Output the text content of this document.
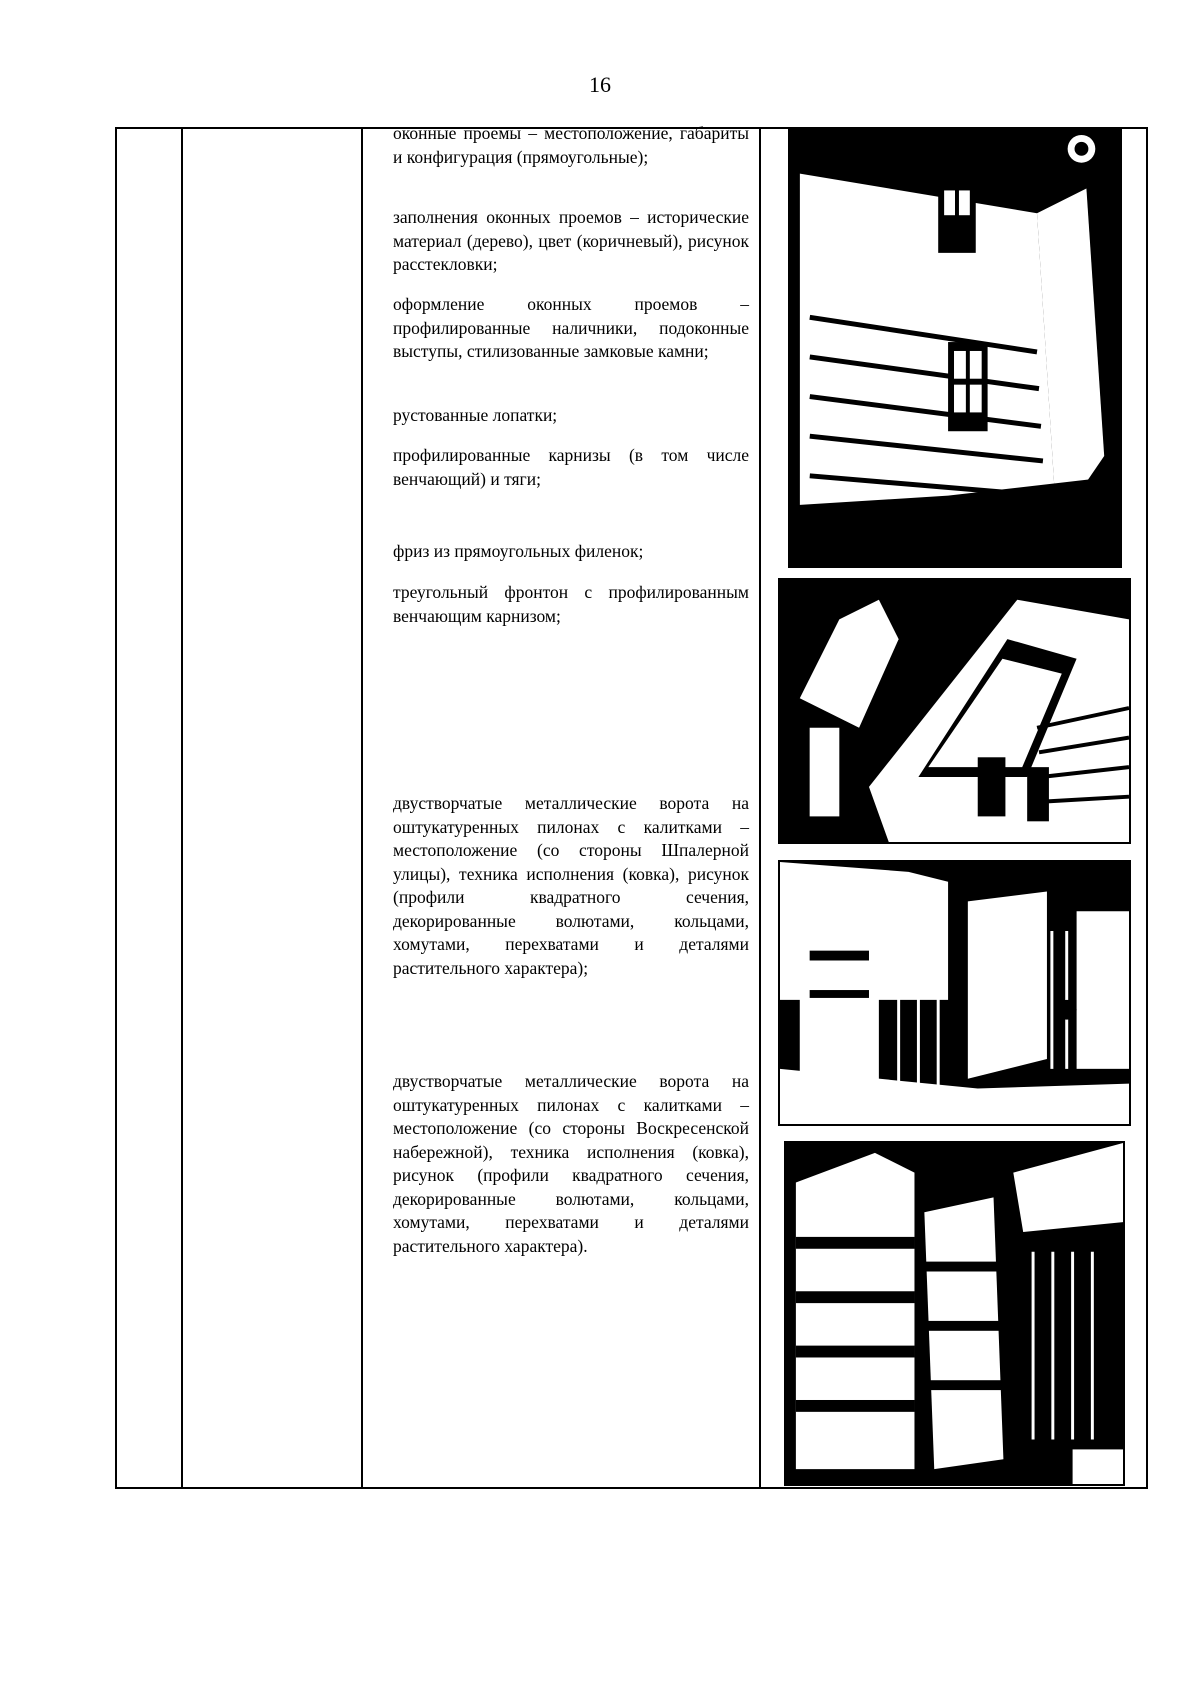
16
оконные проемы – местоположение, габариты и конфигурация (прямоугольные);
заполнения оконных проемов – исторические материал (дерево), цвет (коричневый), рисунок расстекловки;
оформление оконных проемов – профилированные наличники, подоконные выступы, стилизованные замковые камни;
рустованные лопатки;
профилированные карнизы (в том числе венчающий) и тяги;
фриз из прямоугольных филенок;
треугольный фронтон с профилированным венчающим карнизом;
двустворчатые металлические ворота на оштукатуренных пилонах с калитками – местоположение (со стороны Шпалерной улицы), техника исполнения (ковка), рисунок (профили квадратного сечения, декорированные волютами, кольцами, хомутами, перехватами и деталями растительного характера);
двустворчатые металлические ворота на оштукатуренных пилонах с калитками – местоположение (со стороны Воскресенской набережной), техника исполнения (ковка), рисунок (профили квадратного сечения, декорированные волютами, кольцами, хомутами, перехватами и деталями растительного характера).
